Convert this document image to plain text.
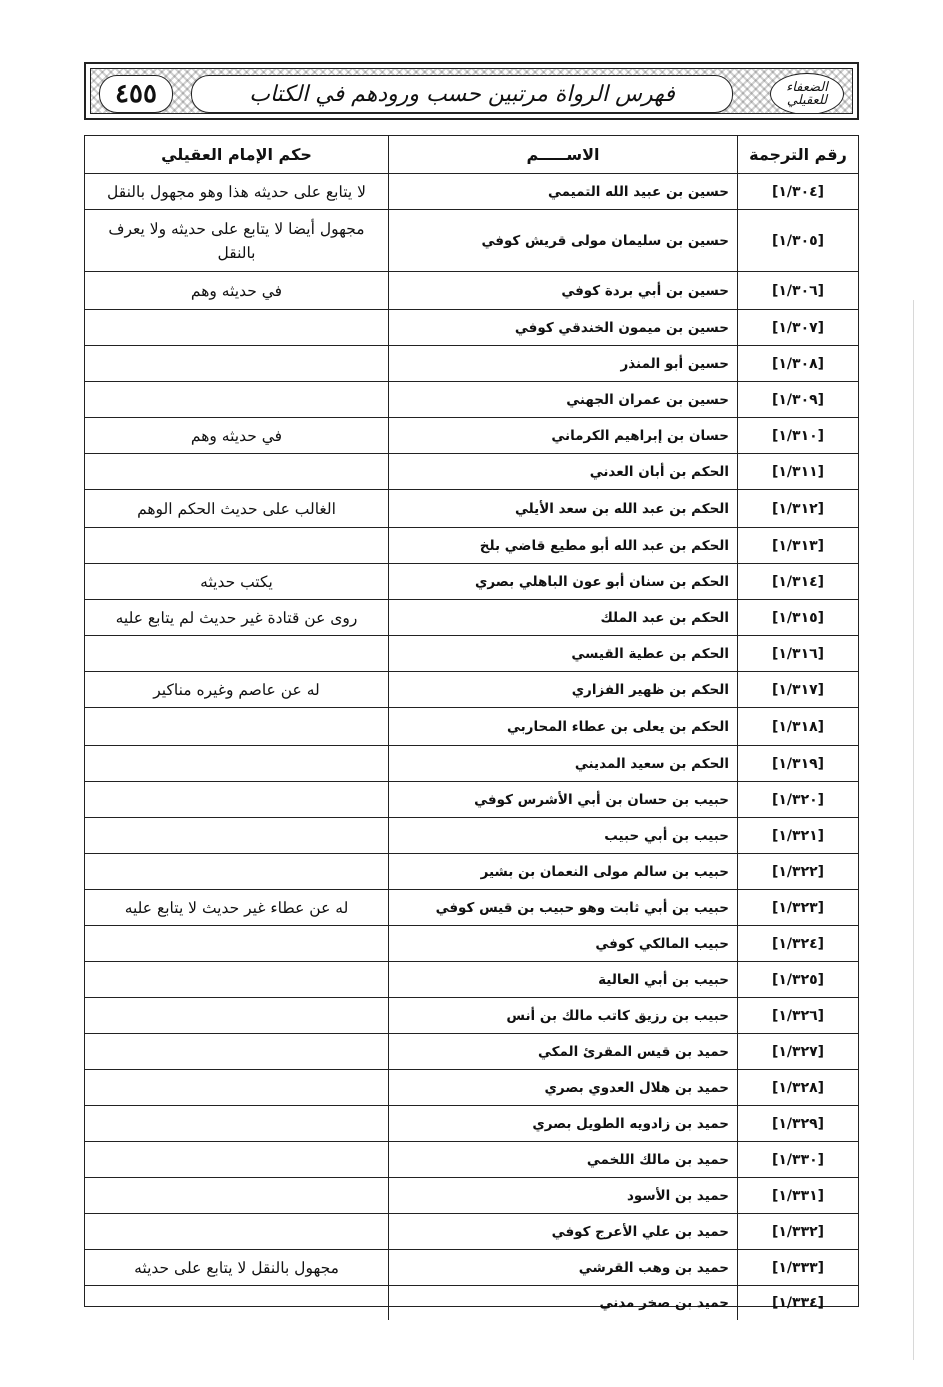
٤٥٥	فهرس الرواة مرتبين حسب ورودهم في الكتاب	الضعفاء للعقيلي
رقم الترجمة
الاســـــم
حكم الإمام العقيلي
[١/٣٠٤]
حسين بن عبيد الله التميمي
لا يتابع على حديثه هذا وهو مجهول بالنقل
[١/٣٠٥]
حسين بن سليمان مولى قريش كوفي
مجهول أيضا لا يتابع على حديثه ولا يعرف بالنقل
[١/٣٠٦]
حسين بن أبي بردة كوفي
في حديثه وهم
[١/٣٠٧]
حسين بن ميمون الخندقي كوفي
[١/٣٠٨]
حسين أبو المنذر
[١/٣٠٩]
حسين بن عمران الجهني
[١/٣١٠]
حسان بن إبراهيم الكرماني
في حديثه وهم
[١/٣١١]
الحكم بن أبان العدني
[١/٣١٢]
الحكم بن عبد الله بن سعد الأيلي
الغالب على حديث الحكم الوهم
[١/٣١٣]
الحكم بن عبد الله أبو مطيع قاضي بلخ
[١/٣١٤]
الحكم بن سنان أبو عون الباهلي بصري
يكتب حديثه
[١/٣١٥]
الحكم بن عبد الملك
روى عن قتادة غير حديث لم يتابع عليه
[١/٣١٦]
الحكم بن عطية القيسي
[١/٣١٧]
الحكم بن ظهير الفزاري
له عن عاصم وغيره مناكير
[١/٣١٨]
الحكم بن يعلى بن عطاء المحاربي
[١/٣١٩]
الحكم بن سعيد المديني
[١/٣٢٠]
حبيب بن حسان بن أبي الأشرس كوفي
[١/٣٢١]
حبيب بن أبي حبيب
[١/٣٢٢]
حبيب بن سالم مولى النعمان بن بشير
[١/٣٢٣]
حبيب بن أبي ثابت وهو حبيب بن قيس كوفي
له عن عطاء غير حديث لا يتابع عليه
[١/٣٢٤]
حبيب المالكي كوفي
[١/٣٢٥]
حبيب بن أبي العالية
[١/٣٢٦]
حبيب بن رزيق كاتب مالك بن أنس
[١/٣٢٧]
حميد بن قيس المقرئ المكي
[١/٣٢٨]
حميد بن هلال العدوي بصري
[١/٣٢٩]
حميد بن زادويه الطويل بصري
[١/٣٣٠]
حميد بن مالك اللخمي
[١/٣٣١]
حميد بن الأسود
[١/٣٣٢]
حميد بن علي الأعرج كوفي
[١/٣٣٣]
حميد بن وهب القرشي
مجهول بالنقل لا يتابع على حديثه
[١/٣٣٤]
حميد بن صخر مدني
